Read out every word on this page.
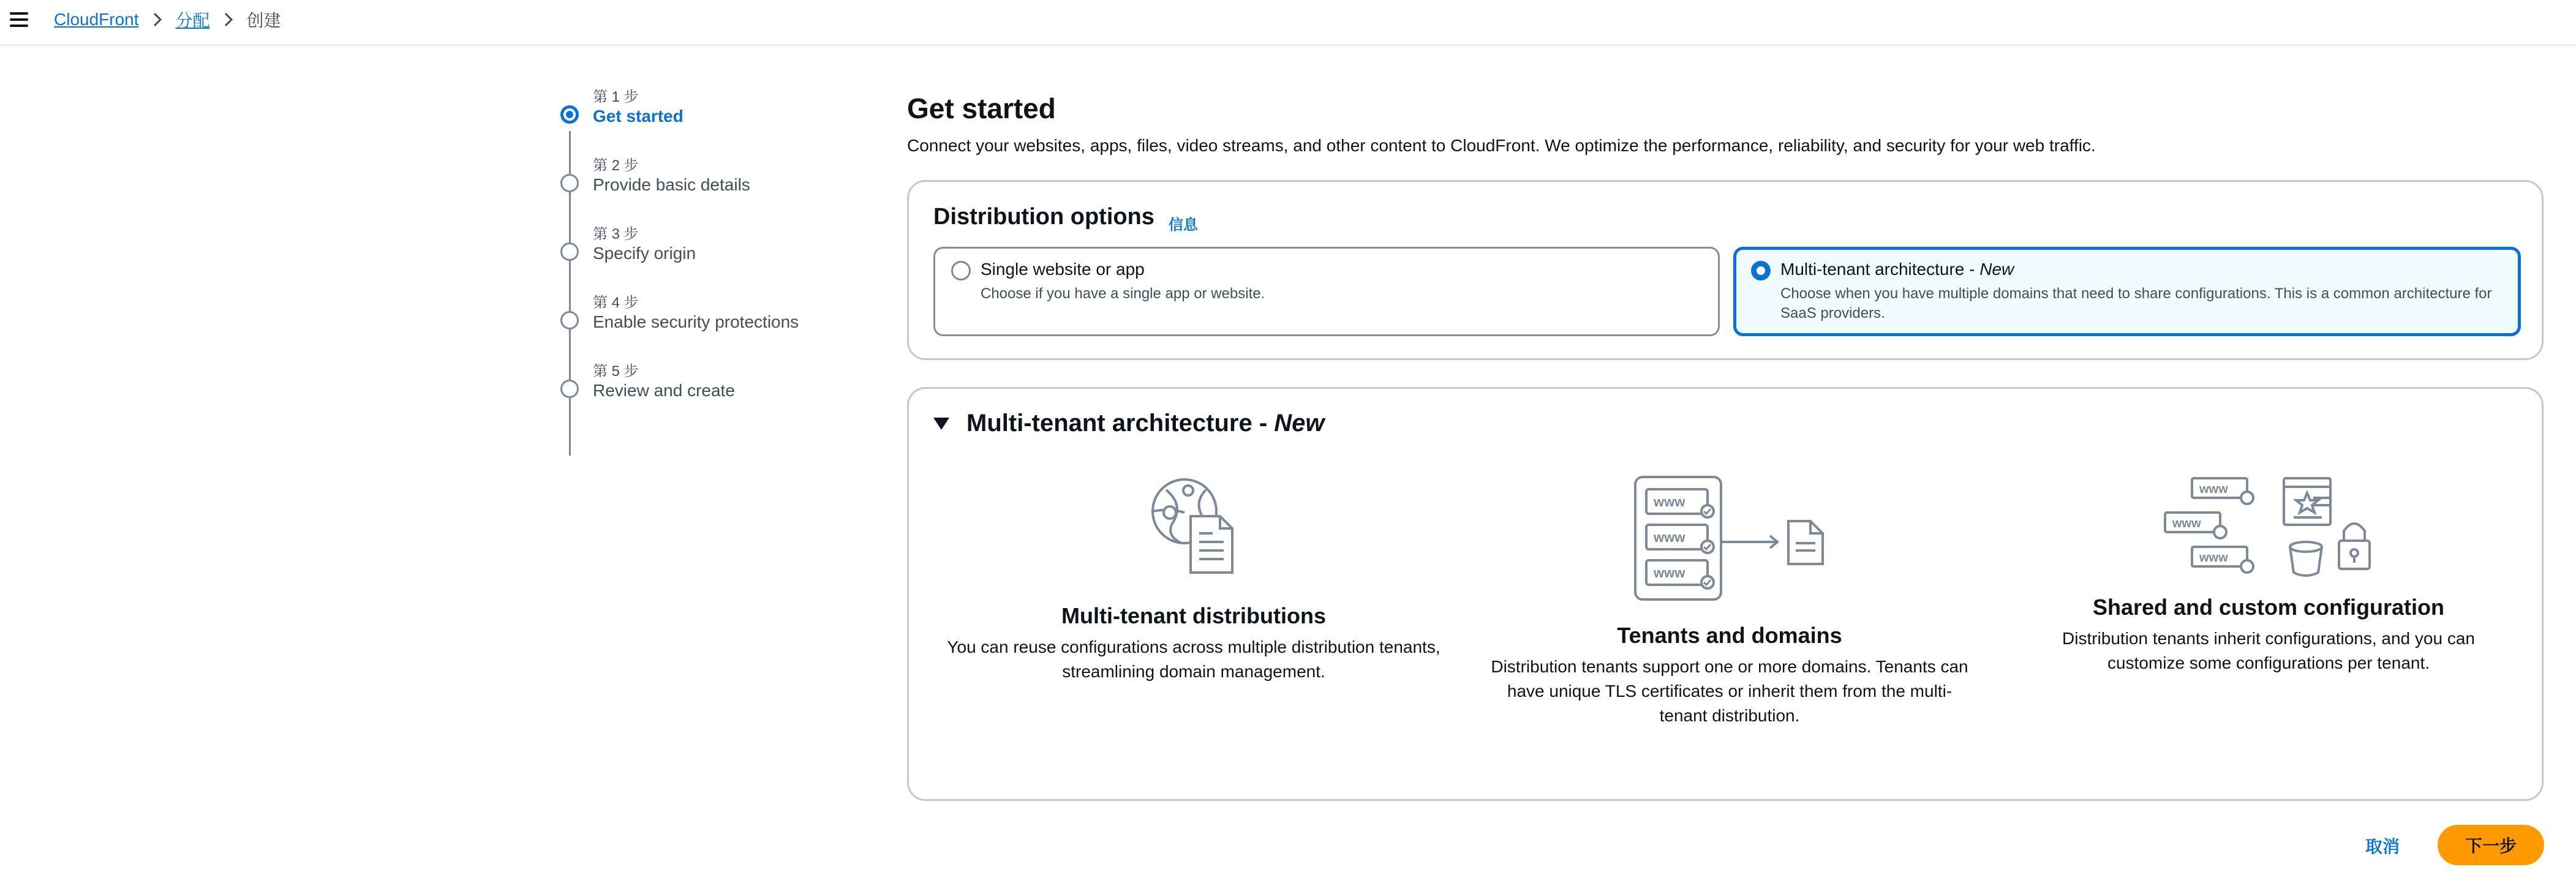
CloudFront 分配 创建
第 1 步
Get started
第 2 步
Provide basic details
第 3 步
Specify origin
第 4 步
Enable security protections
第 5 步
Review and create
Get started

Connect your websites, apps, files, video streams, and other content to CloudFront. We optimize the performance, reliability, and security for your web traffic.

Distribution options 信息
Single website or app
Choose if you have a single app or website.
Multi-tenant architecture - New
Choose when you have multiple domains that need to share configurations. This is a common architecture for SaaS providers.
Multi-tenant architecture - New
Multi-tenant distributions
You can reuse configurations across multiple distribution tenants, streamlining domain management.
www
www
www
Tenants and domains
Distribution tenants support one or more domains. Tenants can have unique TLS certificates or inherit them from the multi-tenant distribution.
www
www
www
Shared and custom configuration
Distribution tenants inherit configurations, and you can customize some configurations per tenant.
取消	下一步
